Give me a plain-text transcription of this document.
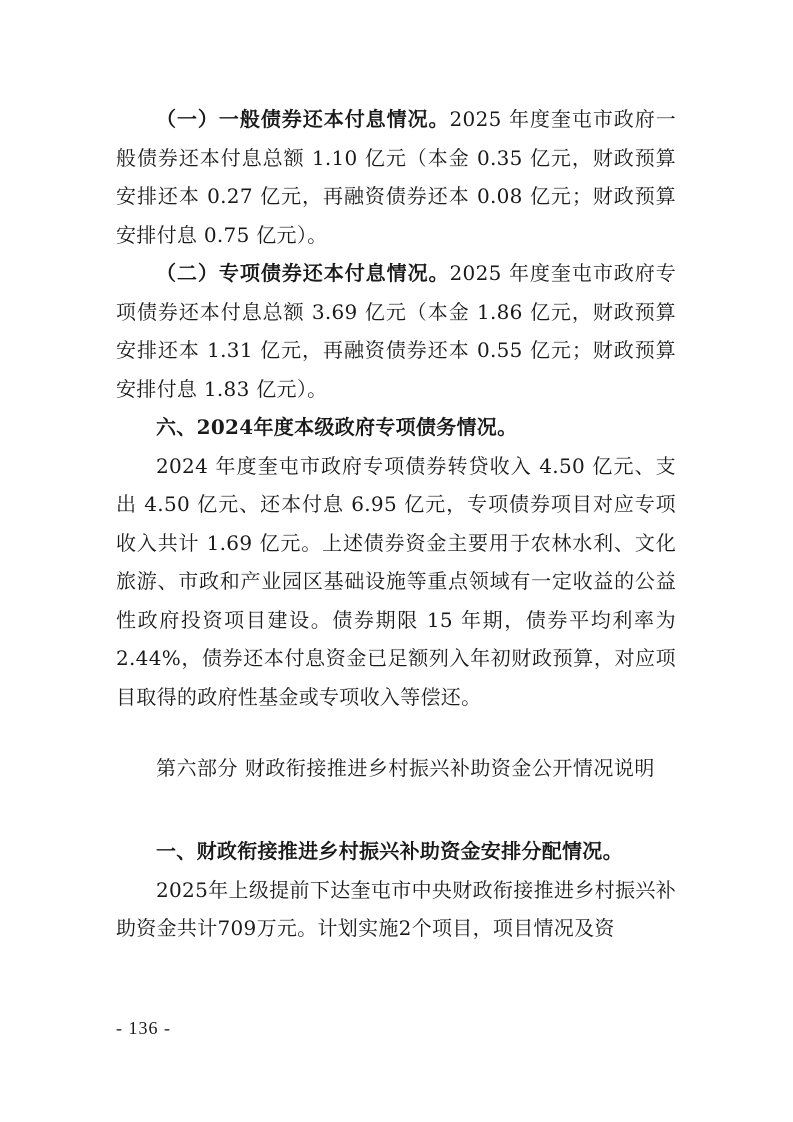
（一）一般债券还本付息情况。2025 年度奎屯市政府一般债券还本付息总额 1.10 亿元（本金 0.35 亿元，财政预算安排还本 0.27 亿元，再融资债券还本 0.08 亿元；财政预算安排付息 0.75 亿元）。

（二）专项债券还本付息情况。2025 年度奎屯市政府专项债券还本付息总额 3.69 亿元（本金 1.86 亿元，财政预算安排还本 1.31 亿元，再融资债券还本 0.55 亿元；财政预算安排付息 1.83 亿元）。

六、2024年度本级政府专项债务情况。

2024 年度奎屯市政府专项债券转贷收入 4.50 亿元、支出 4.50 亿元、还本付息 6.95 亿元，专项债券项目对应专项收入共计 1.69 亿元。上述债券资金主要用于农林水利、文化旅游、市政和产业园区基础设施等重点领域有一定收益的公益性政府投资项目建设。债券期限 15 年期，债券平均利率为 2.44%，债券还本付息资金已足额列入年初财政预算，对应项目取得的政府性基金或专项收入等偿还。

第六部分 财政衔接推进乡村振兴补助资金公开情况说明

一、财政衔接推进乡村振兴补助资金安排分配情况。

2025年上级提前下达奎屯市中央财政衔接推进乡村振兴补助资金共计709万元。计划实施2个项目，项目情况及资

- 136 -
